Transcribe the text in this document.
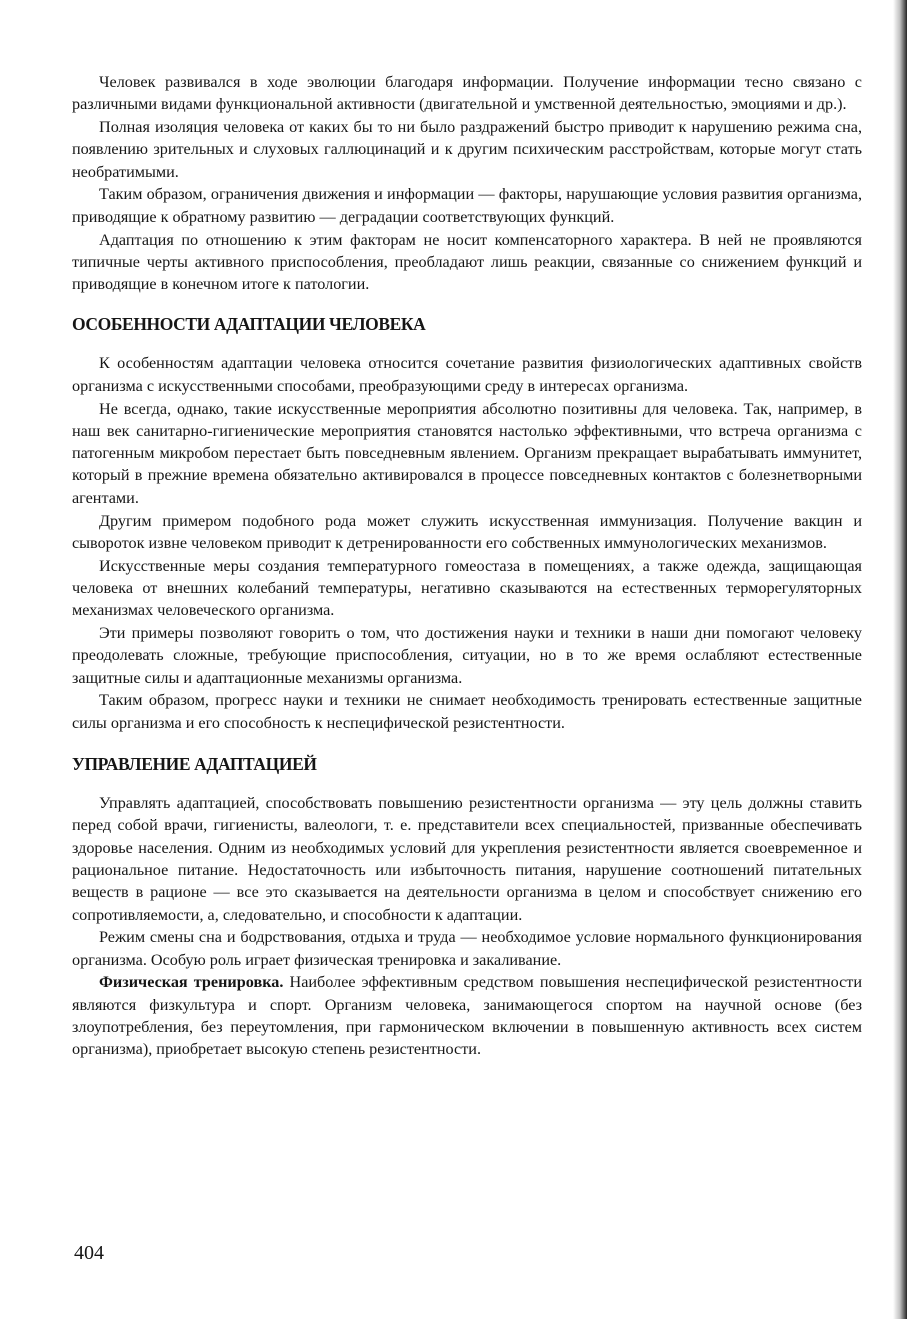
Человек развивался в ходе эволюции благодаря информации. Получение информации тесно связано с различными видами функциональной активности (двигательной и умственной деятельностью, эмоциями и др.).

Полная изоляция человека от каких бы то ни было раздражений быстро приводит к нарушению режима сна, появлению зрительных и слуховых галлюцинаций и к другим психическим расстройствам, которые могут стать необратимыми.

Таким образом, ограничения движения и информации — факторы, нарушающие условия развития организма, приводящие к обратному развитию — деградации соответствующих функций.

Адаптация по отношению к этим факторам не носит компенсаторного характера. В ней не проявляются типичные черты активного приспособления, преобладают лишь реакции, связанные со снижением функций и приводящие в конечном итоге к патологии.

ОСОБЕННОСТИ АДАПТАЦИИ ЧЕЛОВЕКА

К особенностям адаптации человека относится сочетание развития физиологических адаптивных свойств организма с искусственными способами, преобразующими среду в интересах организма.

Не всегда, однако, такие искусственные мероприятия абсолютно позитивны для человека. Так, например, в наш век санитарно-гигиенические мероприятия становятся настолько эффективными, что встреча организма с патогенным микробом перестает быть повседневным явлением. Организм прекращает вырабатывать иммунитет, который в прежние времена обязательно активировался в процессе повседневных контактов с болезнетворными агентами.

Другим примером подобного рода может служить искусственная иммунизация. Получение вакцин и сывороток извне человеком приводит к детренированности его собственных иммунологических механизмов.

Искусственные меры создания температурного гомеостаза в помещениях, а также одежда, защищающая человека от внешних колебаний температуры, негативно сказываются на естественных терморегуляторных механизмах человеческого организма.

Эти примеры позволяют говорить о том, что достижения науки и техники в наши дни помогают человеку преодолевать сложные, требующие приспособления, ситуации, но в то же время ослабляют естественные защитные силы и адаптационные механизмы организма.

Таким образом, прогресс науки и техники не снимает необходимость тренировать естественные защитные силы организма и его способность к неспецифической резистентности.

УПРАВЛЕНИЕ АДАПТАЦИЕЙ

Управлять адаптацией, способствовать повышению резистентности организма — эту цель должны ставить перед собой врачи, гигиенисты, валеологи, т. е. представители всех специальностей, призванные обеспечивать здоровье населения. Одним из необходимых условий для укрепления резистентности является своевременное и рациональное питание. Недостаточность или избыточность питания, нарушение соотношений питательных веществ в рационе — все это сказывается на деятельности организма в целом и способствует снижению его сопротивляемости, а, следовательно, и способности к адаптации.

Режим смены сна и бодрствования, отдыха и труда — необходимое условие нормального функционирования организма. Особую роль играет физическая тренировка и закаливание.

Физическая тренировка. Наиболее эффективным средством повышения неспецифической резистентности являются физкультура и спорт. Организм человека, занимающегося спортом на научной основе (без злоупотребления, без переутомления, при гармоническом включении в повышенную активность всех систем организма), приобретает высокую степень резистентности.

404
